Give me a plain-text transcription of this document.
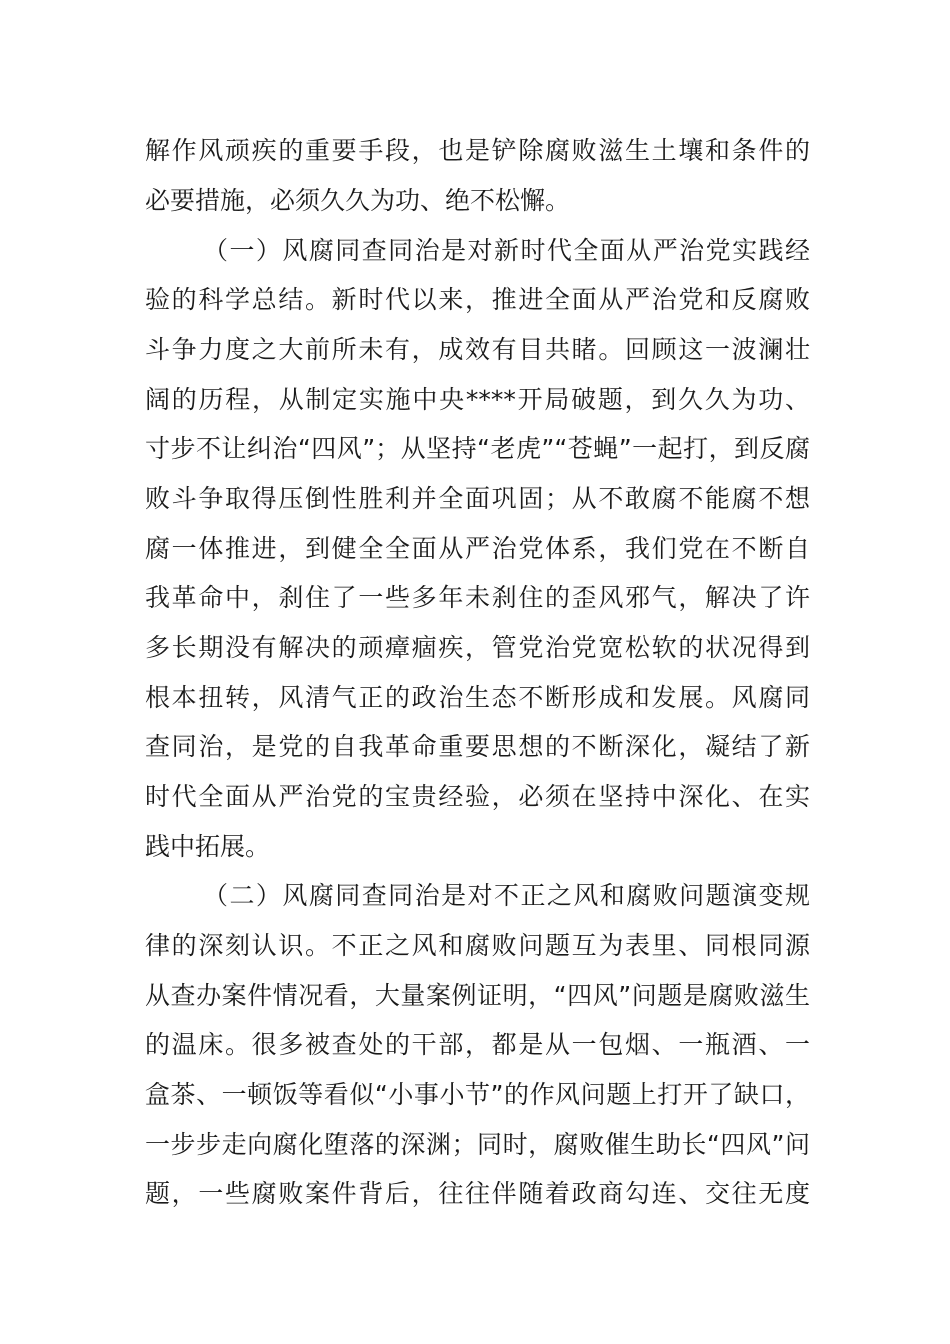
解作风顽疾的重要手段，也是铲除腐败滋生土壤和条件的
必要措施，必须久久为功、绝不松懈。
（一）风腐同查同治是对新时代全面从严治党实践经
验的科学总结。新时代以来，推进全面从严治党和反腐败
斗争力度之大前所未有，成效有目共睹。回顾这一波澜壮
阔的历程，从制定实施中央****开局破题，到久久为功、
寸步不让纠治“四风”；从坚持“老虎”“苍蝇”一起打，到反腐
败斗争取得压倒性胜利并全面巩固；从不敢腐不能腐不想
腐一体推进，到健全全面从严治党体系，我们党在不断自
我革命中，刹住了一些多年未刹住的歪风邪气，解决了许
多长期没有解决的顽瘴痼疾，管党治党宽松软的状况得到
根本扭转，风清气正的政治生态不断形成和发展。风腐同
查同治，是党的自我革命重要思想的不断深化，凝结了新
时代全面从严治党的宝贵经验，必须在坚持中深化、在实
践中拓展。
（二）风腐同查同治是对不正之风和腐败问题演变规
律的深刻认识。不正之风和腐败问题互为表里、同根同源
从查办案件情况看，大量案例证明，“四风”问题是腐败滋生
的温床。很多被查处的干部，都是从一包烟、一瓶酒、一
盒茶、一顿饭等看似“小事小节”的作风问题上打开了缺口，
一步步走向腐化堕落的深渊；同时，腐败催生助长“四风”问
题，一些腐败案件背后，往往伴随着政商勾连、交往无度
